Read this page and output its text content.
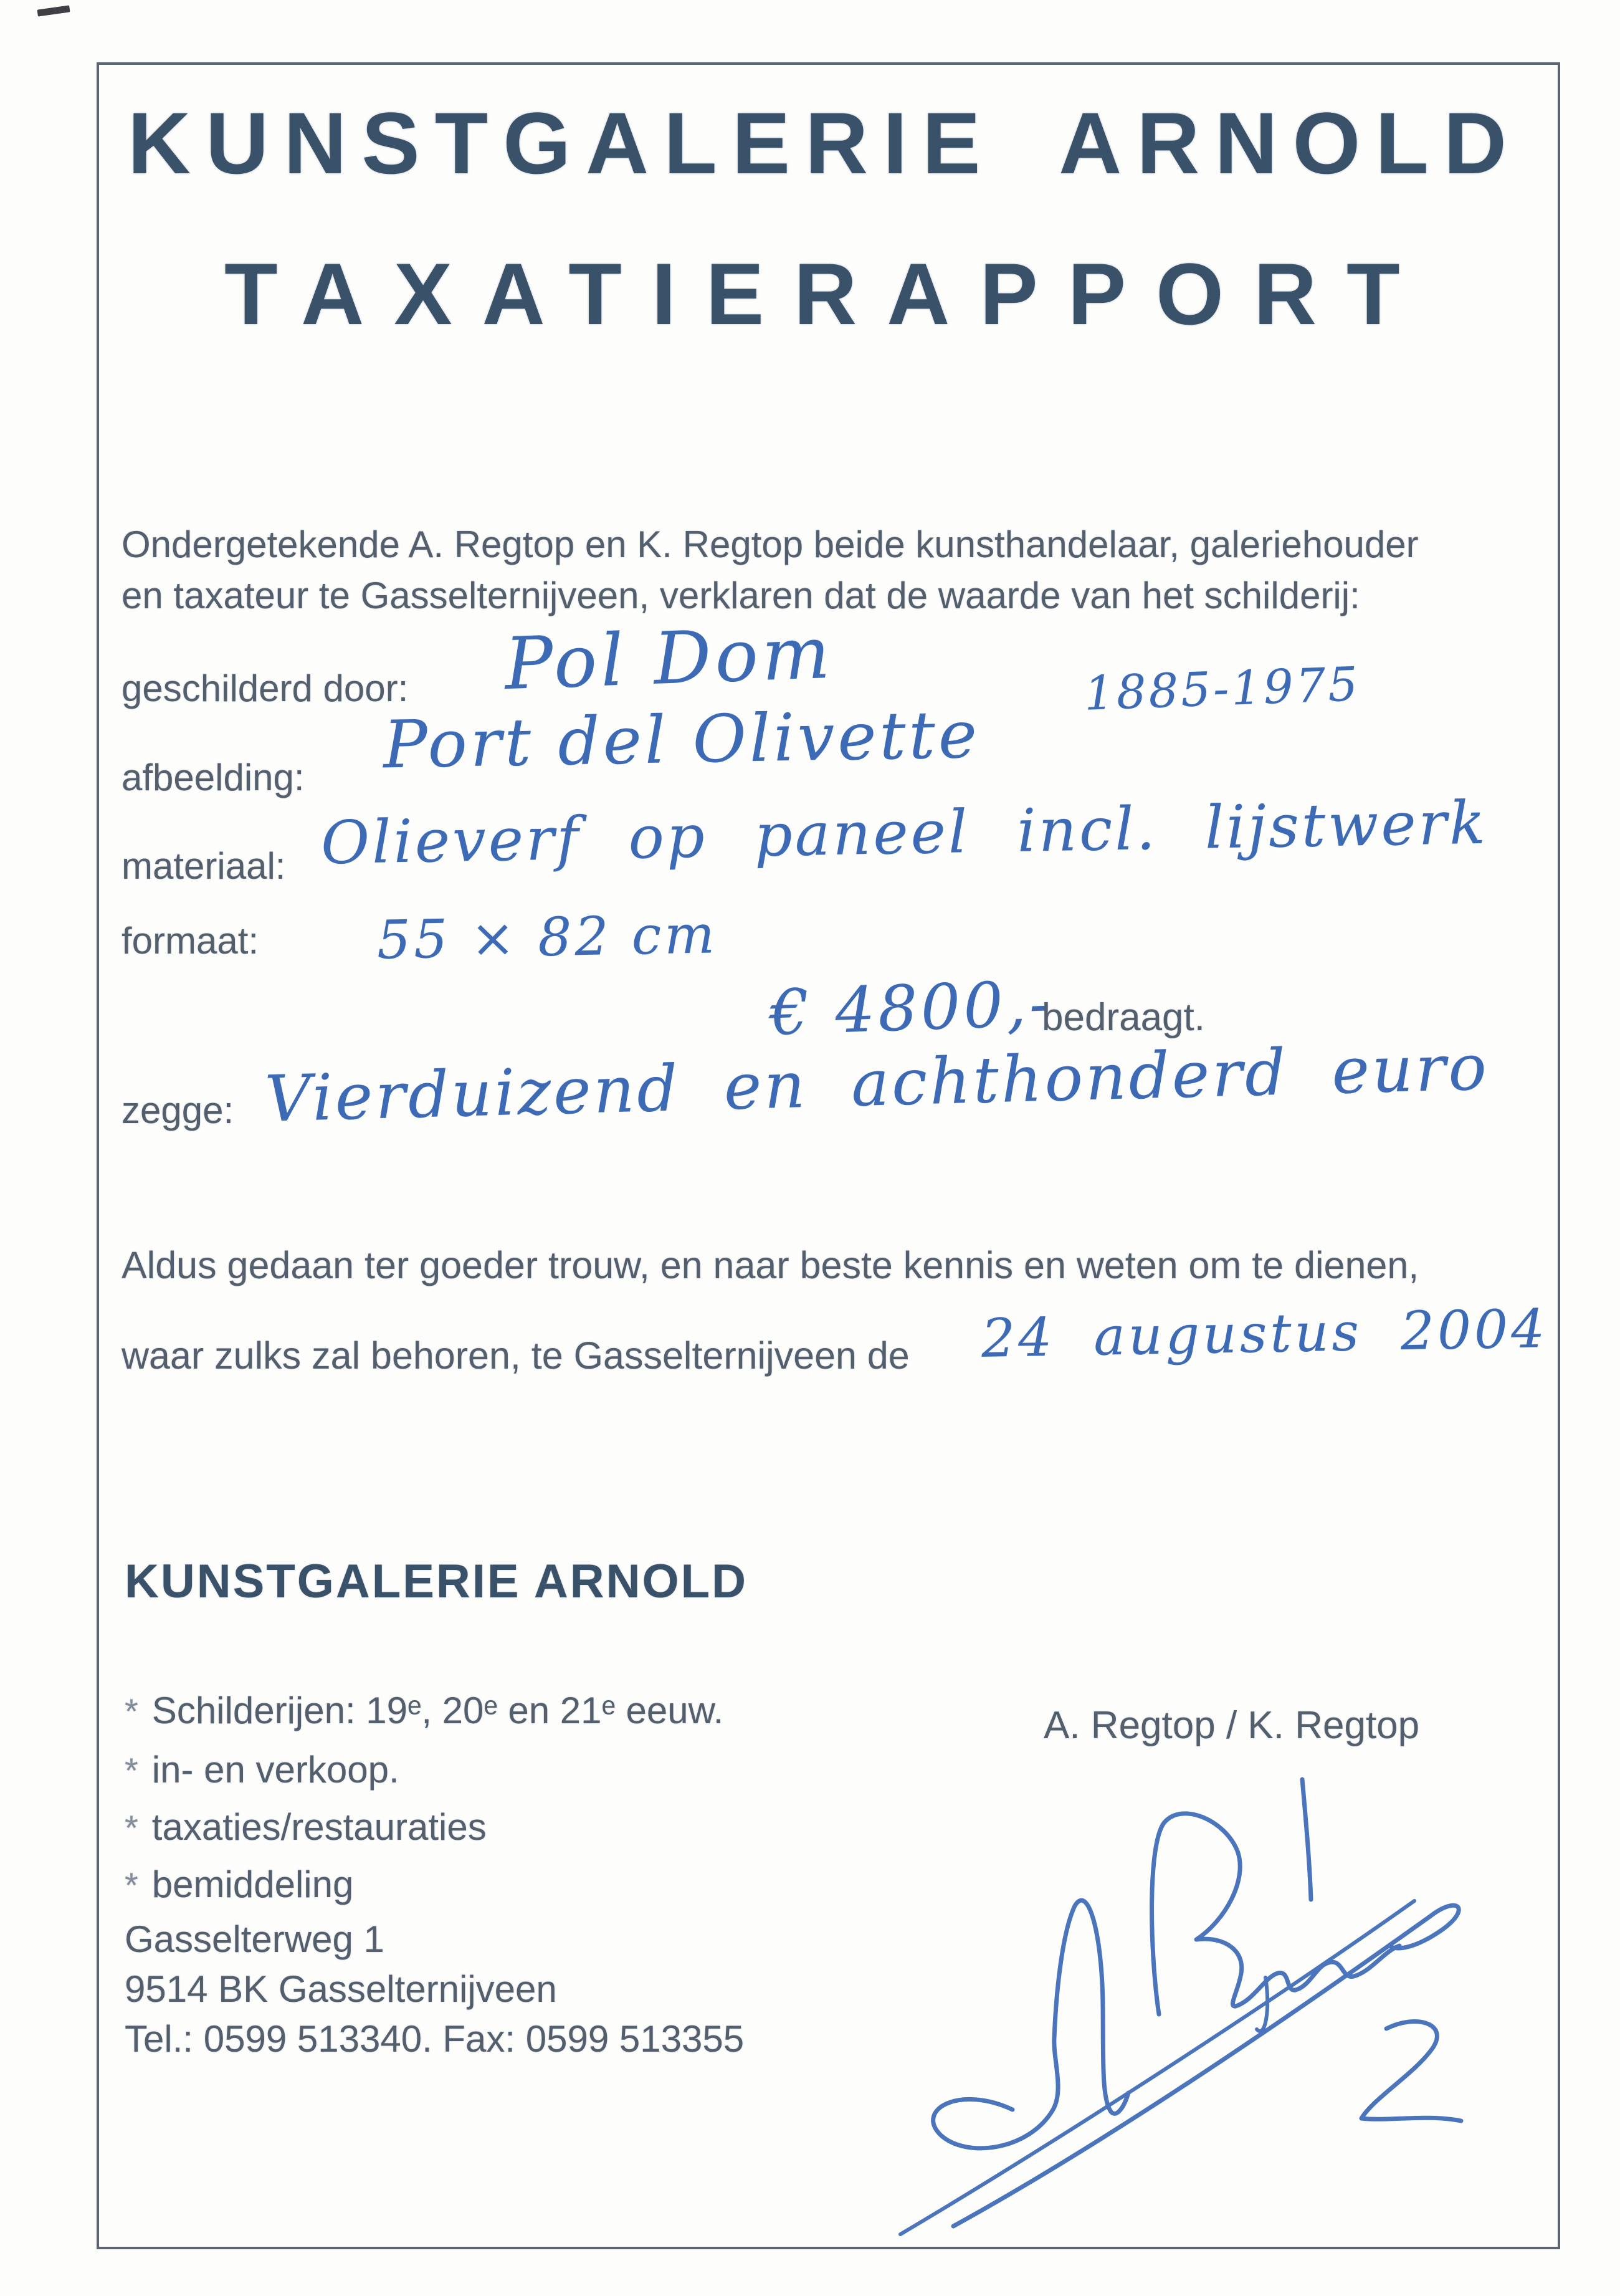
KUNSTGALERIE ARNOLD
TAXATIERAPPORT
Ondergetekende A. Regtop en K. Regtop beide kunsthandelaar, galeriehouder
en taxateur te Gasselternijveen, verklaren dat de waarde van het schilderij:
geschilderd door: Pol Dom	1885-1975
afbeelding: Port del Olivette
materiaal: Olieverf op paneel incl. lijstwerk
formaat: 55 × 82 cm
€ 4800,-
bedraagt.
zegge: Vierduizend en achthonderd euro
Aldus gedaan ter goeder trouw, en naar beste kennis en weten om te dienen,
waar zulks zal behoren, te Gasselternijveen de 24 augustus 2004
KUNSTGALERIE ARNOLD
* Schilderijen: 19ᵉ, 20ᵉ en 21ᵉ eeuw.
* in- en verkoop.
* taxaties/restauraties
* bemiddeling
Gasselterweg 1
9514 BK Gasselternijveen
Tel.: 0599 513340. Fax: 0599 513355
A. Regtop / K. Regtop
